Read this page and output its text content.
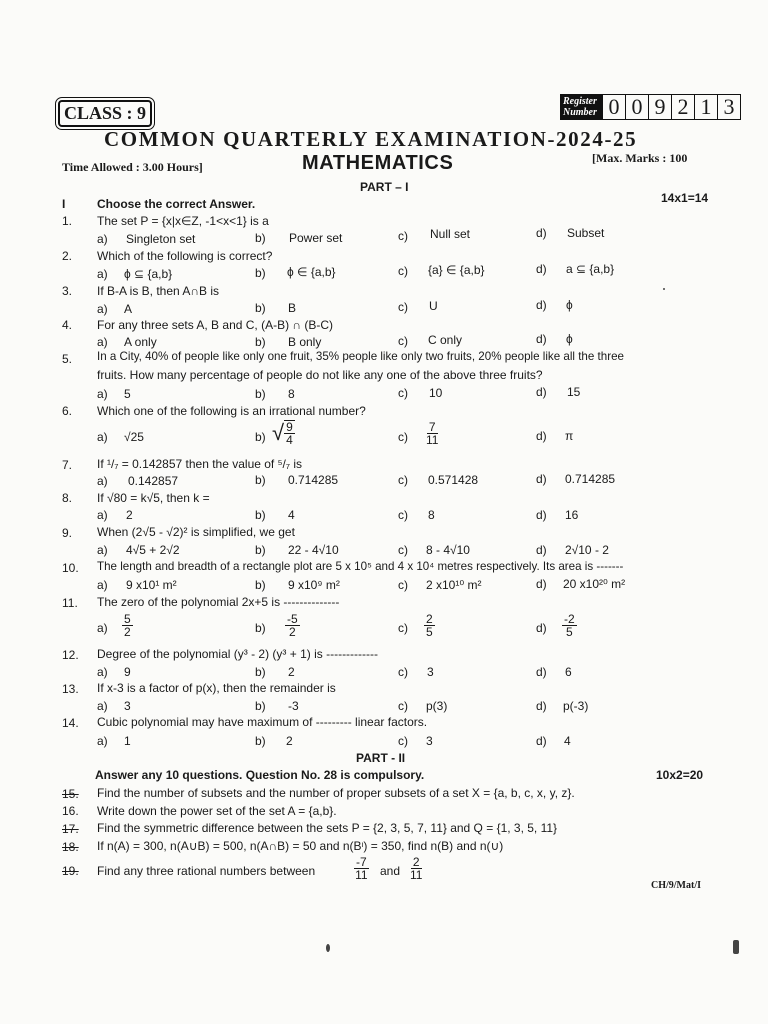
CLASS : 9
Register Number 0 0 9 2 1 3
COMMON QUARTERLY EXAMINATION-2024-25
Time Allowed : 3.00 Hours]	MATHEMATICS	[Max. Marks : 100
PART – I
14x1=14
I	Choose the correct Answer.
1. The set P = {x|x∈Z, -1<x<1} is a
a) Singleton set	b) Power set	c) Null set	d) Subset
2. Which of the following is correct?
a) ϕ ⊆ {a,b}	b) ϕ ∈ {a,b}	c) {a} ∈ {a,b}	d) a ⊆ {a,b}
3. If B-A is B, then A∩B is
a) A	b) B	c) U	d) ϕ
4. For any three sets A, B and C, (A-B) ∩ (B-C)
a) A only	b) B only	c) C only	d) ϕ
5. In a City, 40% of people like only one fruit, 35% people like only two fruits, 20% people like all the three
fruits. How many percentage of people do not like any one of the above three fruits?
a) 5	b) 8	c) 10	d) 15
6. Which one of the following is an irrational number?
a) √25	b) √ $\frac{9}{4}$	$c) \frac{7}{11}$	d) π
7. If ¹/₇ = 0.142857 then the value of ⁵/₇ is
a) 0.142857	b) 0.714285	c) 0.571428	d) 0.714285
8. If √80 = k√5, then k =
a) 2	b) 4	c) 8	d) 16
9. When (2√5 - √2)² is simplified, we get
a) 4√5 + 2√2	b) 22 - 4√10	c) 8 - 4√10	d) 2√10 - 2
10. The length and breadth of a rectangle plot are 5 x 10⁵ and 4 x 10⁴ metres respectively. Its area is -------
a) 9 x10¹ m²	b) 9 x10⁹ m²	c) 2 x10¹⁰ m²	d) 20 x10²⁰ m²
11. The zero of the polynomial 2x+5 is --------------
$a) \frac{5}{2}$	$b) \frac{-5}{2}$	$c) \frac{2}{5}$	$d) \frac{-2}{5}$
12. Degree of the polynomial (y³ - 2) (y³ + 1) is -------------
a) 9	b) 2	c) 3	d) 6
13. If x-3 is a factor of p(x), then the remainder is
a) 3	b) -3	c) p(3)	d) p(-3)
14. Cubic polynomial may have maximum of --------- linear factors.
a) 1	b) 2	c) 3	d) 4
PART - II
Answer any 10 questions. Question No. 28 is compulsory.	10x2=20
15. Find the number of subsets and the number of proper subsets of a set X = {a, b, c, x, y, z}.
16. Write down the power set of the set A = {a,b}.
17. Find the symmetric difference between the sets P = {2, 3, 5, 7, 11} and Q = {1, 3, 5, 11}
18. If n(A) = 300, n(A∪B) = 500, n(A∩B) = 50 and n(Bᶦ) = 350, find n(B) and n(∪)
19. Find any three rational numbers between	$\frac{-7}{11}$ and $\frac{2}{11}$
CH/9/Mat/I
